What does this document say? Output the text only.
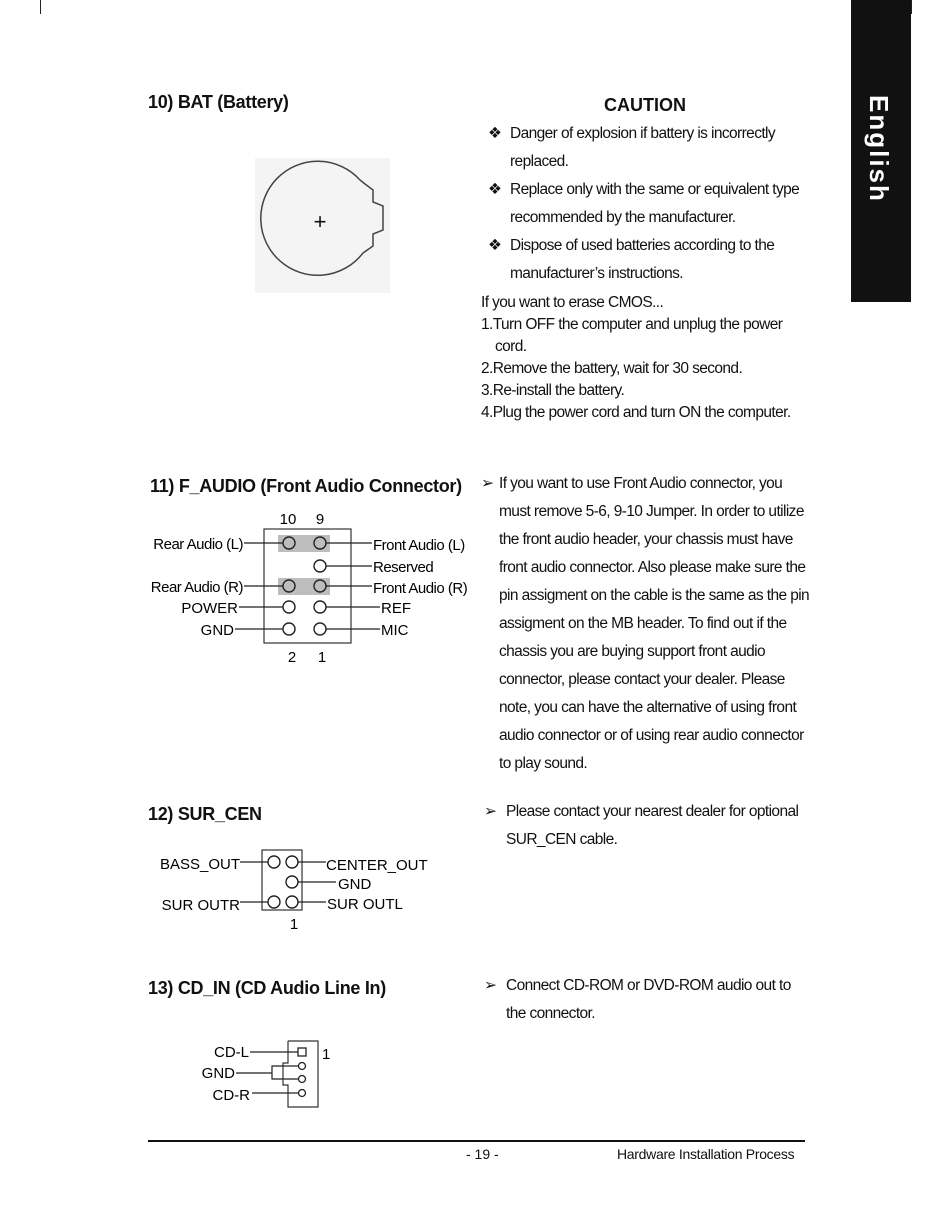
English
10) BAT (Battery)
+
CAUTION
❖ Danger of explosion if battery is incorrectly replaced.
❖ Replace only with the same or equivalent type recommended by the manufacturer.
❖ Dispose of used batteries according to the manufacturer’s instructions.

If you want to erase CMOS...

1.Turn OFF the computer and unplug the power cord.

2.Remove the battery, wait for 30 second.

3.Re-install the battery.

4.Plug the power cord and turn ON the computer.

11) F_AUDIO (Front Audio Connector)
10 9
Rear Audio (L)
Rear Audio (R)
POWER
GND
Front Audio (L)
Reserved
Front Audio (R)
REF
MIC
2 1
➢ If you want to use Front Audio connector, you must remove 5-6, 9-10 Jumper. In order to utilize the front audio header, your chassis must have front audio connector. Also please make sure the pin assigment on the cable is the same as the pin assigment on the MB header. To find out if the chassis you are buying support front audio connector, please contact your dealer. Please note, you can have the alternative of using front audio connector or of using rear audio connector to play sound.
12) SUR_CEN
BASS_OUT
SUR OUTR
CENTER_OUT
GND
SUR OUTL
1
➢ Please contact your nearest dealer for optional SUR_CEN cable.
13) CD_IN (CD Audio Line In)
CD-L
GND
CD-R
1
➢ Connect CD-ROM or DVD-ROM audio out to the connector.
- 19 -	Hardware Installation Process
